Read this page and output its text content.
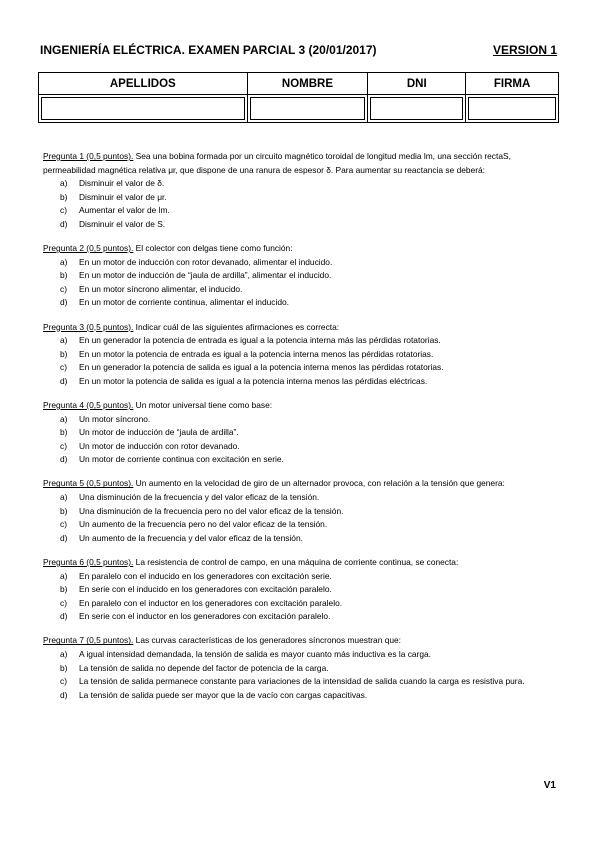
INGENIERÍA ELÉCTRICA. EXAMEN PARCIAL 3 (20/01/2017)	VERSION 1
APELLIDOS	NOMBRE	DNI	FIRMA

Pregunta 1 (0,5 puntos). Sea una bobina formada por un circuito magnético toroidal de longitud media lm, una sección rectaS, permeabilidad magnética relativa μr, que dispone de una ranura de espesor δ. Para aumentar su reactancia se deberá:

a) Disminuir el valor de δ.
b) Disminuir el valor de μr.
c) Aumentar el valor de lm.
d) Disminuir el valor de S.

Pregunta 2 (0,5 puntos). El colector con delgas tiene como función:

a) En un motor de inducción con rotor devanado, alimentar el inducido.
b) En un motor de inducción de “jaula de ardilla”, alimentar el inducido.
c) En un motor síncrono alimentar, el inducido.
d) En un motor de corriente continua, alimentar el inducido.

Pregunta 3 (0,5 puntos). Indicar cuál de las siguientes afirmaciones es correcta:

a) En un generador la potencia de entrada es igual a la potencia interna más las pérdidas rotatorias.
b) En un motor la potencia de entrada es igual a la potencia interna menos las pérdidas rotatorias.
c) En un generador la potencia de salida es igual a la potencia interna menos las pérdidas rotatorias.
d) En un motor la potencia de salida es igual a la potencia interna menos las pérdidas eléctricas.

Pregunta 4 (0,5 puntos). Un motor universal tiene como base:

a) Un motor síncrono.
b) Un motor de inducción de “jaula de ardilla”.
c) Un motor de inducción con rotor devanado.
d) Un motor de corriente continua con excitación en serie.

Pregunta 5 (0,5 puntos). Un aumento en la velocidad de giro de un alternador provoca, con relación a la tensión que genera:

a) Una disminución de la frecuencia y del valor eficaz de la tensión.
b) Una disminución de la frecuencia pero no del valor eficaz de la tensión.
c) Un aumento de la frecuencia pero no del valor eficaz de la tensión.
d) Un aumento de la frecuencia y del valor eficaz de la tensión.

Pregunta 6 (0,5 puntos). La resistencia de control de campo, en una máquina de corriente continua, se conecta:

a) En paralelo con el inducido en los generadores con excitación serie.
b) En serie con el inducido en los generadores con excitación paralelo.
c) En paralelo con el inductor en los generadores con excitación paralelo.
d) En serie con el inductor en los generadores con excitación paralelo.

Pregunta 7 (0,5 puntos). Las curvas características de los generadores síncronos muestran que:

a) A igual intensidad demandada, la tensión de salida es mayor cuanto más inductiva es la carga.
b) La tensión de salida no depende del factor de potencia de la carga.
c) La tensión de salida permanece constante para variaciones de la intensidad de salida cuando la carga es resistiva pura.
d) La tensión de salida puede ser mayor que la de vacío con cargas capacitivas.
V1
